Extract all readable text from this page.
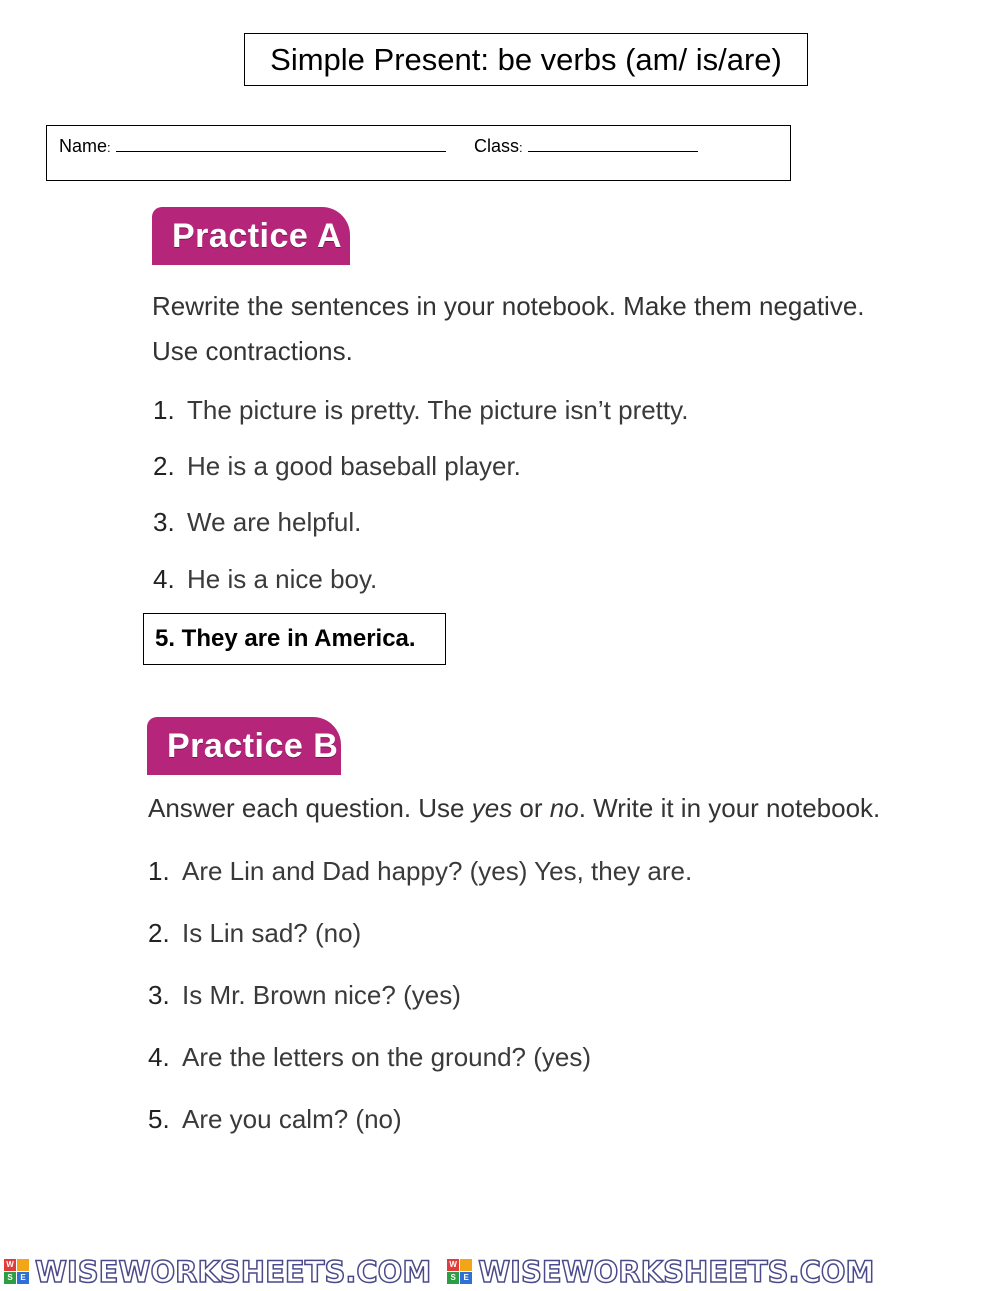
Simple Present: be verbs (am/ is/are)
Name:	Class:
Practice A
Rewrite the sentences in your notebook. Make them negative.
Use contractions.
1. The picture is pretty. The picture isn’t pretty.
2. He is a good baseball player.
3. We are helpful.
4. He is a nice boy.
5. They are in America.
Practice B
Answer each question. Use yes or no. Write it in your notebook.
1. Are Lin and Dad happy? (yes) Yes, they are.
2. Is Lin sad? (no)
3. Is Mr. Brown nice? (yes)
4. Are the letters on the ground? (yes)
5. Are you calm? (no)
W
S E WISEWORKSHEETS.COM W
S E WISEWORKSHEETS.COM
